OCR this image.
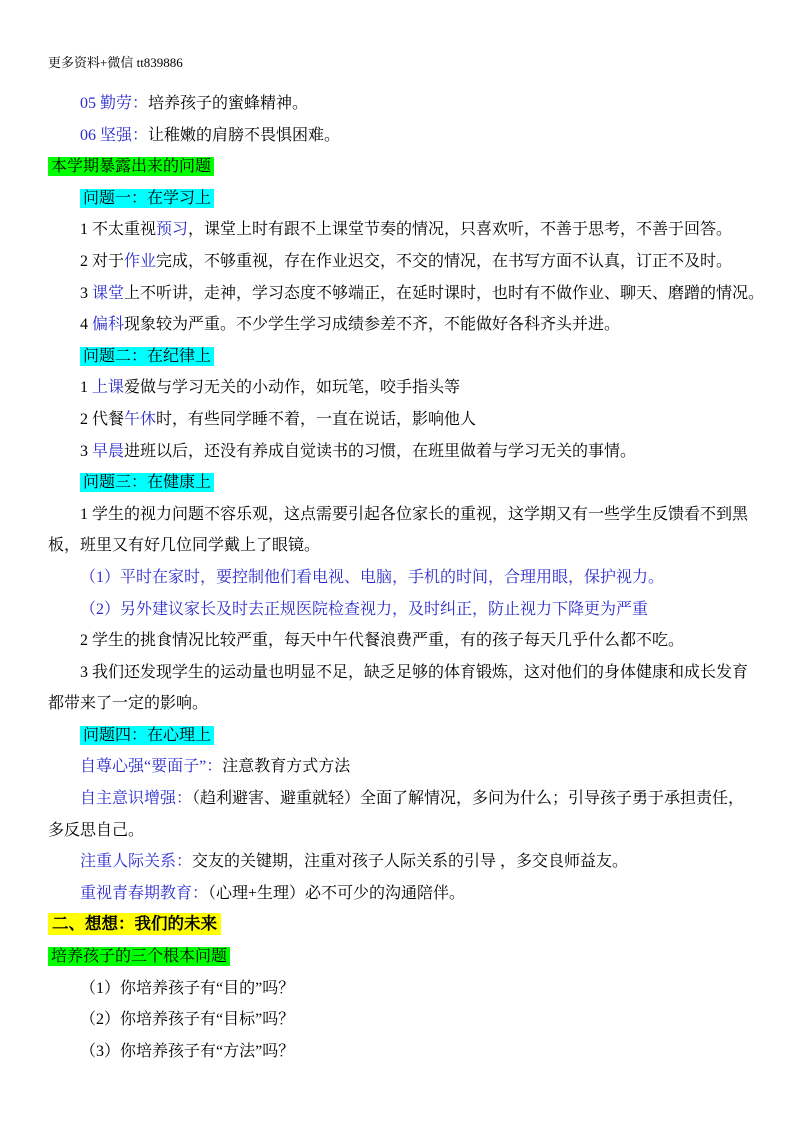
更多资料+微信 tt839886
05 勤劳：培养孩子的蜜蜂精神。
06 坚强：让稚嫩的肩膀不畏惧困难。
本学期暴露出来的问题
问题一：在学习上
1 不太重视预习，课堂上时有跟不上课堂节奏的情况，只喜欢听，不善于思考，不善于回答。
2 对于作业完成，不够重视，存在作业迟交，不交的情况，在书写方面不认真，订正不及时。
3 课堂上不听讲，走神，学习态度不够端正，在延时课时，也时有不做作业、聊天、磨蹭的情况。
4 偏科现象较为严重。不少学生学习成绩参差不齐，不能做好各科齐头并进。
问题二：在纪律上
1 上课爱做与学习无关的小动作，如玩笔，咬手指头等
2 代餐午休时，有些同学睡不着，一直在说话，影响他人
3 早晨进班以后，还没有养成自觉读书的习惯，在班里做着与学习无关的事情。
问题三：在健康上
1 学生的视力问题不容乐观，这点需要引起各位家长的重视，这学期又有一些学生反馈看不到黑
板，班里又有好几位同学戴上了眼镜。
（1）平时在家时，要控制他们看电视、电脑，手机的时间，合理用眼，保护视力。
（2）另外建议家长及时去正规医院检查视力，及时纠正，防止视力下降更为严重
2 学生的挑食情况比较严重，每天中午代餐浪费严重，有的孩子每天几乎什么都不吃。
3 我们还发现学生的运动量也明显不足，缺乏足够的体育锻炼，这对他们的身体健康和成长发育
都带来了一定的影响。
问题四：在心理上
自尊心强“要面子”：注意教育方式方法
自主意识增强：（趋利避害、避重就轻）全面了解情况，多问为什么；引导孩子勇于承担责任，
多反思自己。
注重人际关系：交友的关键期，注重对孩子人际关系的引导 ，多交良师益友。
重视青春期教育：（心理+生理）必不可少的沟通陪伴。
二、想想：我们的未来
培养孩子的三个根本问题
（1）你培养孩子有“目的”吗？
（2）你培养孩子有“目标”吗？
（3）你培养孩子有“方法”吗？
